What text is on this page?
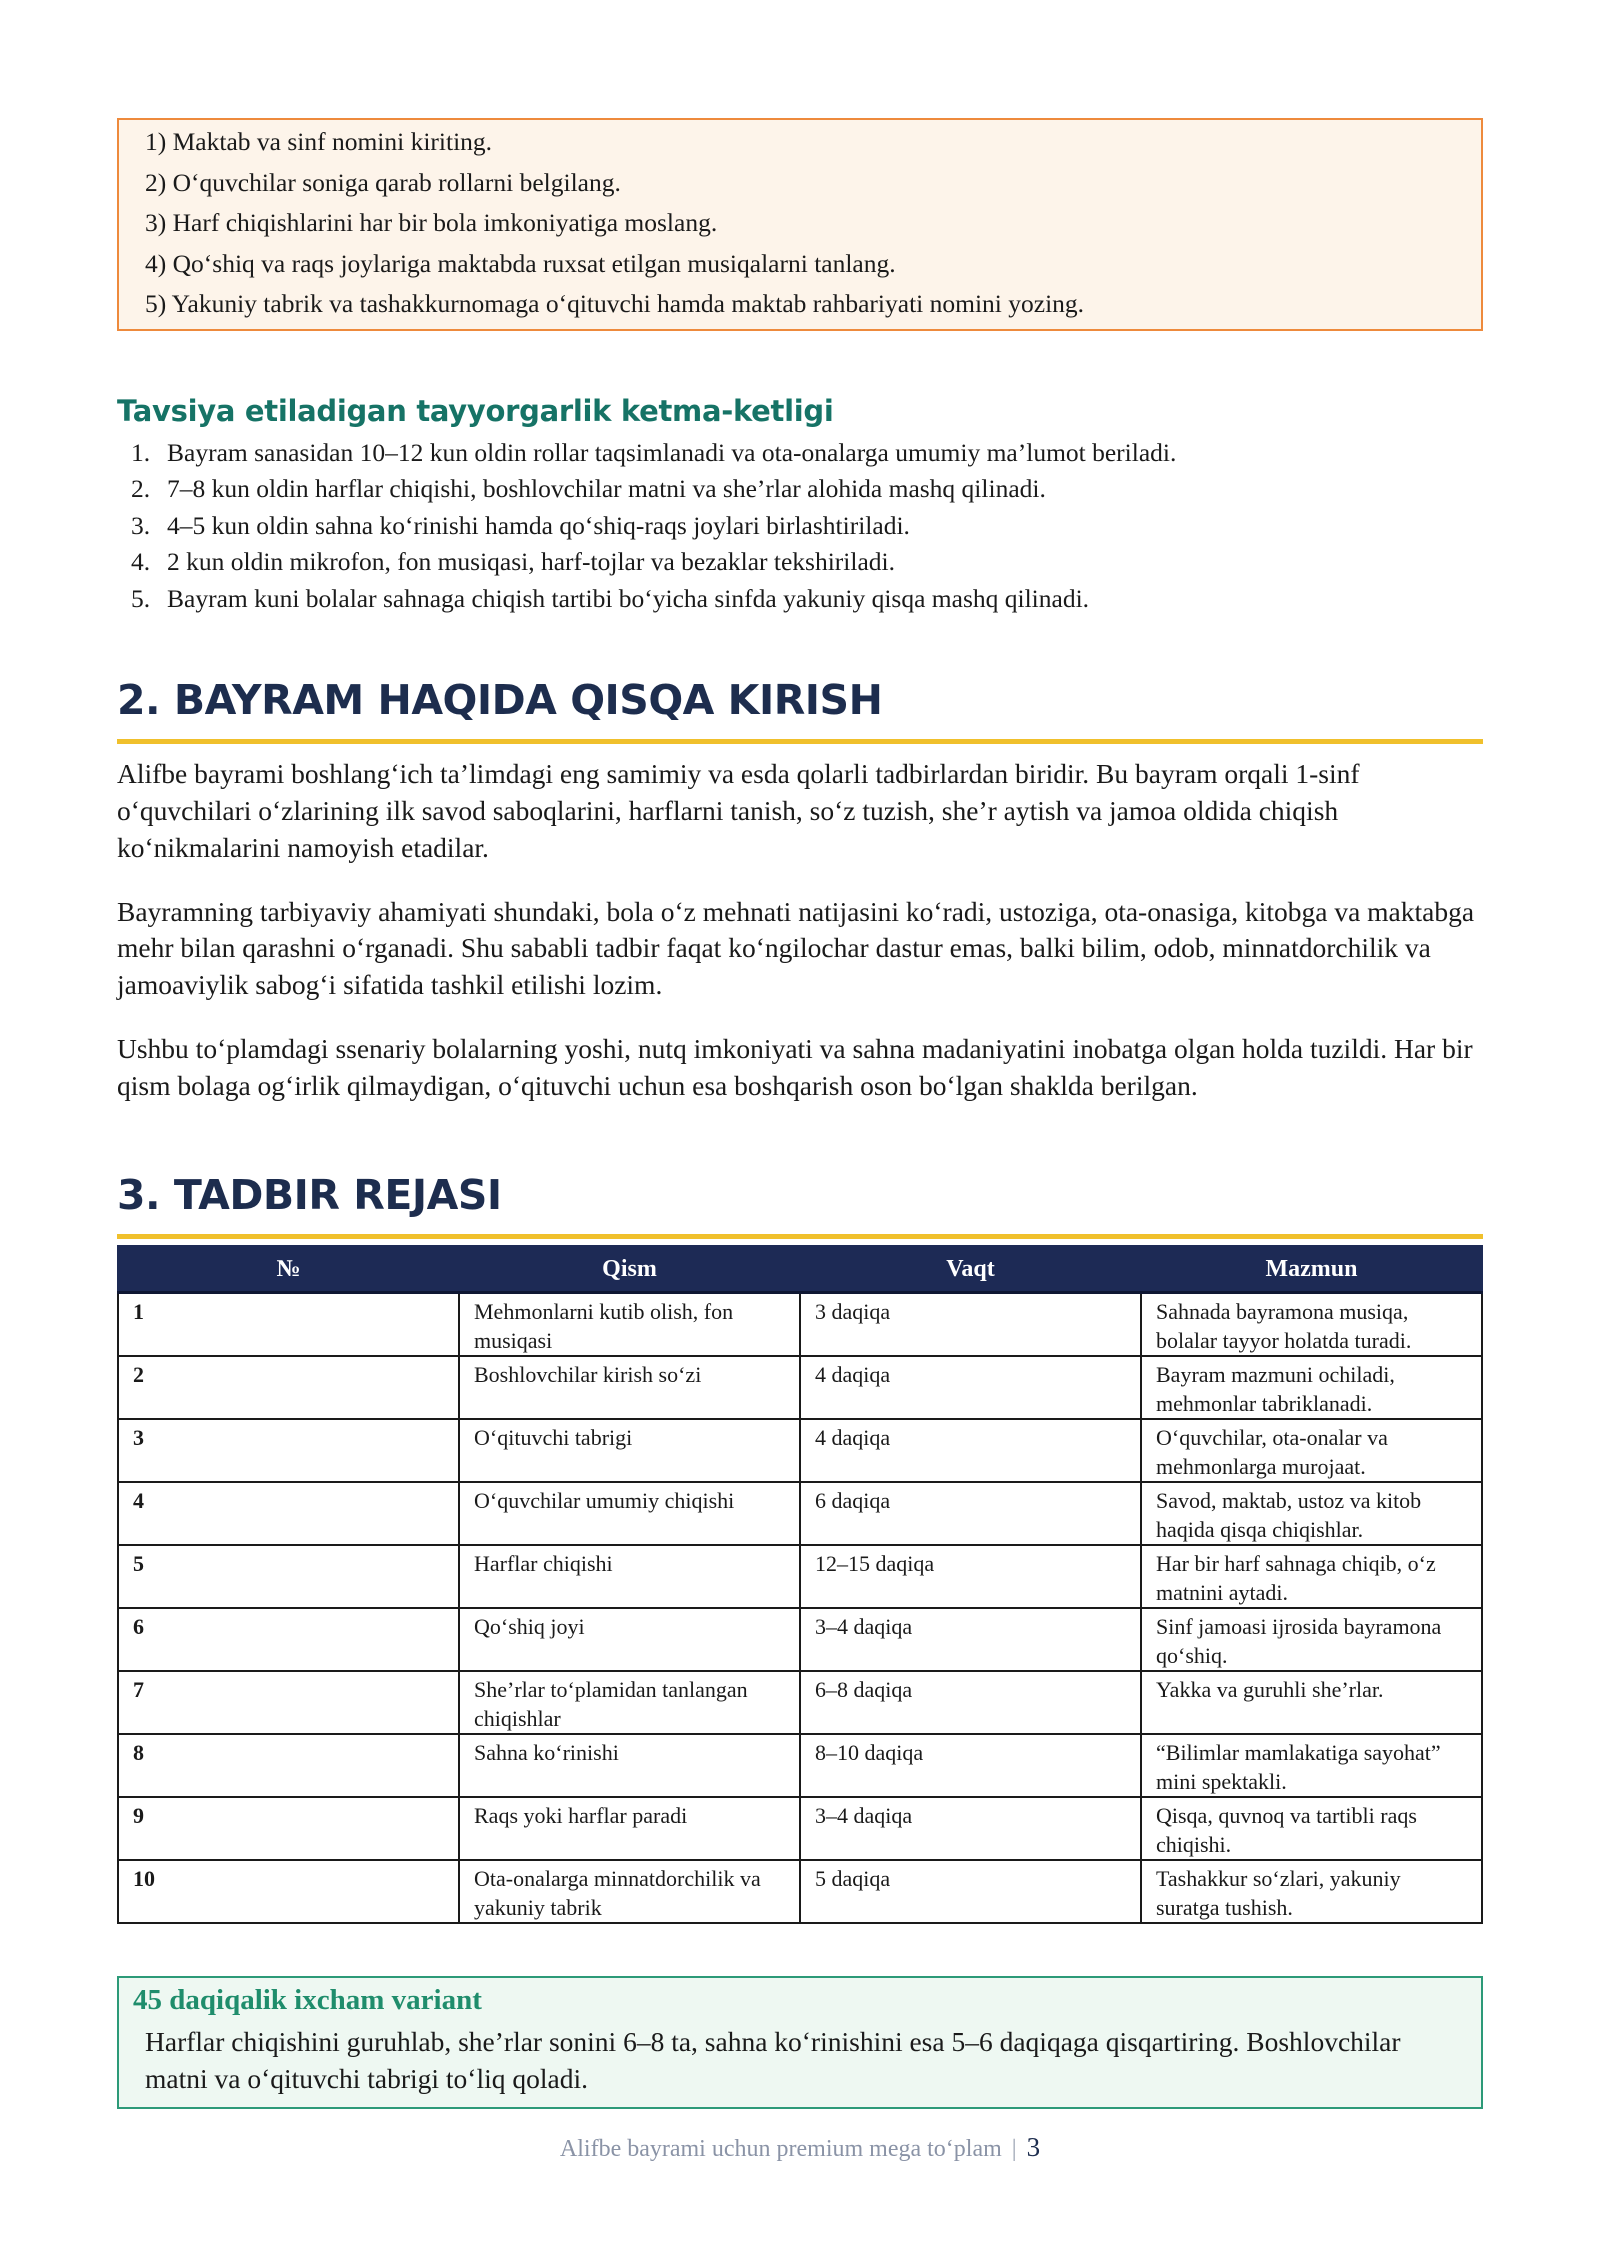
1) Maktab va sinf nomini kiriting.
2) O‘quvchilar soniga qarab rollarni belgilang.
3) Harf chiqishlarini har bir bola imkoniyatiga moslang.
4) Qo‘shiq va raqs joylariga maktabda ruxsat etilgan musiqalarni tanlang.
5) Yakuniy tabrik va tashakkurnomaga o‘qituvchi hamda maktab rahbariyati nomini yozing.
Tavsiya etiladigan tayyorgarlik ketma-ketligi
1. Bayram sanasidan 10–12 kun oldin rollar taqsimlanadi va ota-onalarga umumiy ma’lumot beriladi.
2. 7–8 kun oldin harflar chiqishi, boshlovchilar matni va she’rlar alohida mashq qilinadi.
3. 4–5 kun oldin sahna ko‘rinishi hamda qo‘shiq-raqs joylari birlashtiriladi.
4. 2 kun oldin mikrofon, fon musiqasi, harf-tojlar va bezaklar tekshiriladi.
5. Bayram kuni bolalar sahnaga chiqish tartibi bo‘yicha sinfda yakuniy qisqa mashq qilinadi.
2. BAYRAM HAQIDA QISQA KIRISH

Alifbe bayrami boshlang‘ich ta’limdagi eng samimiy va esda qolarli tadbirlardan biridir. Bu bayram orqali 1-sinf o‘quvchilari o‘zlarining ilk savod saboqlarini, harflarni tanish, so‘z tuzish, she’r aytish va jamoa oldida chiqish ko‘nikmalarini namoyish etadilar.

Bayramning tarbiyaviy ahamiyati shundaki, bola o‘z mehnati natijasini ko‘radi, ustoziga, ota-onasiga, kitobga va maktabga mehr bilan qarashni o‘rganadi. Shu sababli tadbir faqat ko‘ngilochar dastur emas, balki bilim, odob, minnatdorchilik va jamoaviylik sabog‘i sifatida tashkil etilishi lozim.

Ushbu to‘plamdagi ssenariy bolalarning yoshi, nutq imkoniyati va sahna madaniyatini inobatga olgan holda tuzildi. Har bir qism bolaga og‘irlik qilmaydigan, o‘qituvchi uchun esa boshqarish oson bo‘lgan shaklda berilgan.

3. TADBIR REJASI
№	Qism	Vaqt	Mazmun
1	Mehmonlarni kutib olish, fon musiqasi	3 daqiqa	Sahnada bayramona musiqa, bolalar tayyor holatda turadi.
2	Boshlovchilar kirish so‘zi	4 daqiqa	Bayram mazmuni ochiladi, mehmonlar tabriklanadi.
3	O‘qituvchi tabrigi	4 daqiqa	O‘quvchilar, ota-onalar va mehmonlarga murojaat.
4	O‘quvchilar umumiy chiqishi	6 daqiqa	Savod, maktab, ustoz va kitob haqida qisqa chiqishlar.
5	Harflar chiqishi	12–15 daqiqa	Har bir harf sahnaga chiqib, o‘z matnini aytadi.
6	Qo‘shiq joyi	3–4 daqiqa	Sinf jamoasi ijrosida bayramona qo‘shiq.
7	She’rlar to‘plamidan tanlangan chiqishlar	6–8 daqiqa	Yakka va guruhli she’rlar.
8	Sahna ko‘rinishi	8–10 daqiqa	“Bilimlar mamlakatiga sayohat” mini spektakli.
9	Raqs yoki harflar paradi	3–4 daqiqa	Qisqa, quvnoq va tartibli raqs chiqishi.
10	Ota-onalarga minnatdorchilik va yakuniy tabrik	5 daqiqa	Tashakkur so‘zlari, yakuniy suratga tushish.
45 daqiqalik ixcham variant
Harflar chiqishini guruhlab, she’rlar sonini 6–8 ta, sahna ko‘rinishini esa 5–6 daqiqaga qisqartiring. Boshlovchilar matni va o‘qituvchi tabrigi to‘liq qoladi.
Alifbe bayrami uchun premium mega to‘plam | 3
